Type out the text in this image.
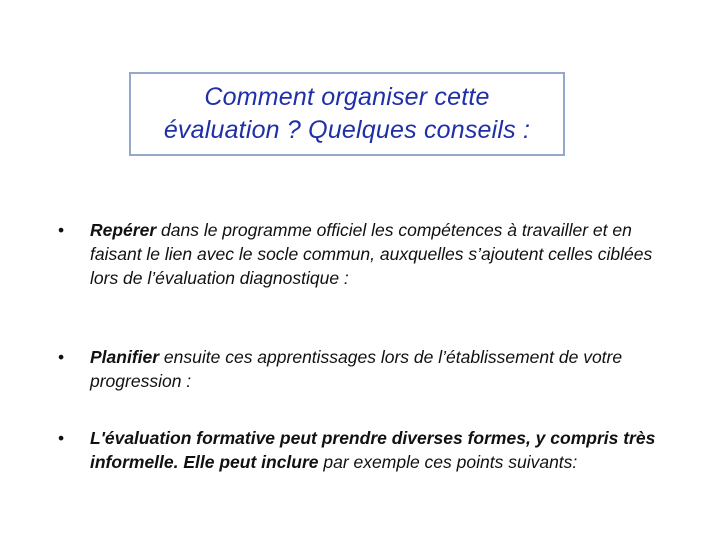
Comment organiser cette
évaluation ? Quelques conseils :
•	Repérer dans le programme officiel les compétences à travailler et en faisant le lien avec le socle commun, auxquelles s’ajoutent celles ciblées lors de l’évaluation diagnostique :
•	Planifier ensuite ces apprentissages lors de l’établissement de votre progression :
•	L'évaluation formative peut prendre diverses formes, y compris très informelle. Elle peut inclure par exemple ces points suivants:
